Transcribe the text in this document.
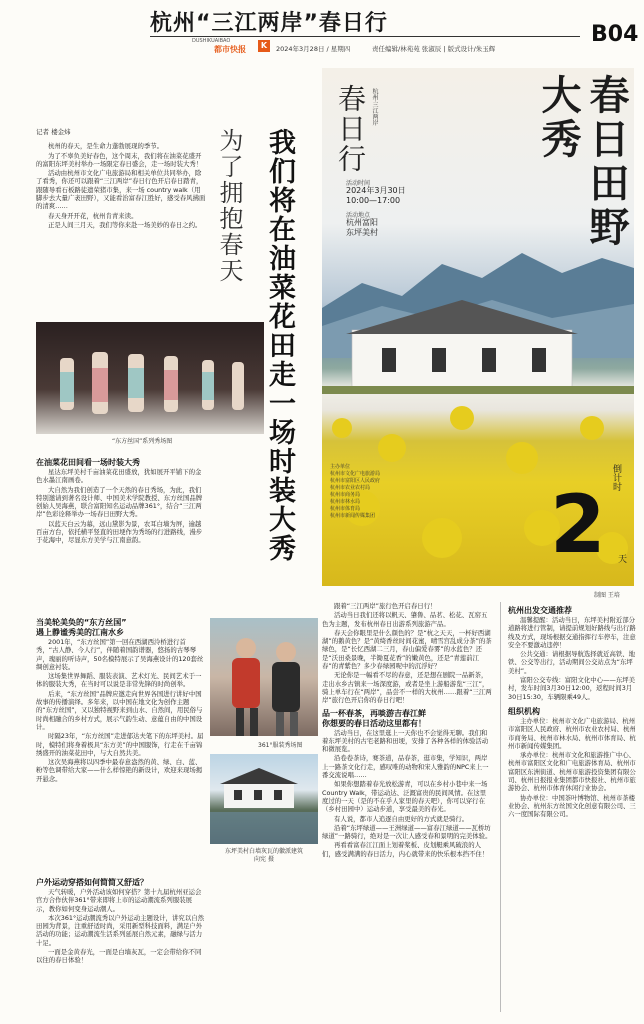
杭州“三江两岸”春日行
DUSHIKUAIBAO
都市快报	K	2024年3月28日 / 星期四	责任编辑/林苑苑 张淑辰 | 版式设计/朱玉辉
B04
春日行 杭州·三江两岸
活动时间
2024年3月30日
10:00—17:00
活动地点
杭州富阳
东坪美村	春日田野大秀
主办单位
杭州市文化广电旅游局
杭州市富阳区人民政府
杭州市农业农村局
杭州市商务局
杭州市林水局
杭州市体育局
杭州市新闻传媒集团
倒计时
2 天
制图 王培
我们将在油菜花田走一场时装大秀
为了拥抱春天
记者 楼金炜

杭州的春天，是生命力蓬勃展现的季节。

为了不辜负美好春色，这个周末，我们将在油菜花盛开的富阳东坪美村举办一场限定春日盛会，走一场时装大秀！

活动由杭州市文化广电旅游局和相关单位共同举办，除了看秀，你还可以跟着“三江两岸”春日行色开启春日踏青，跟随导看石板路徒遗荣猪市集，来一场 country walk（用脚步去大量广袤田野），又能看治富春江胜好，感受春风拂面的清爽……

春天身开开花，杭州肯青来读。

正是人间三月天，我们等你来赴一场美妙的春日之约。

“东方丝国”系列秀场图
在油菜花田间看一场时装大秀

星达东坪美村千亩油菜花田盛放，犹如展开平铺下的金色水墨江南画卷。

大自然为我们创造了一个天然的春日秀场，为此，我们特别邀请到著名设计师、中国美术学院教授、东方丝国品牌创始人吴海燕，联合富阳知名运动品牌361°，结合“三江两岸”色彩诠释举办一场春日田野大秀。

以蓝天白云为幕，远山黛影为景，农耳白墙为屏，逾越百亩方台，依托横平竖直的田埂作为秀场的行进路线，漫步于花海中，尽显东方美学与江南意韵。

当美轮美奂的“东方丝国”
遇上静谧秀美的江南水乡

2001年，“东方丝国”第一回在西湖西泠桥进行首秀，“古人静、今人行”，伴随着国韵谱器，悠扬的古琴琴声，瑰丽的听诗声，50名模特展示了吴海燕设计的120套丝绸创意衬装。

这场集世界舞蹈、服装表演、艺术灯光、民间艺术于一体的服装大秀，在当时可以说是非常先锋的时尚创举。

后来，“东方丝国”品牌应邀走向世界各国进行讲好中国故事的传播演绎。多年来，以中国在地文化为创作主题的“东方丝国”，又以独特视野来到山水、自然间，用民俗与时尚相融合的乡村方式，展示气韵生动、意蕴自由的中国设计。

时隔23年，“东方丝国”走进郁达夫笔下的东坪美村。届时，模特们将身着极具“东方美”的中国服饰，行走在千亩锦绣盛开的油菜花田中，与大自然共美。

这次吴海燕将以四季中最春意盎然的黄、绿、白、蓝、粉等色调带给大家——什么样惊艳的新设计，欢迎来现场揭开悬念。

户外运动穿搭如何简简又舒适？

天气转暖，户外活动该如何穿搭？第十九届杭州亚运会官方合作伙伴361°带来即将上市的运动潮流系列服装展示，教你如何变身运动潮人。

本次361°运动潮流秀以户外运动主题设计，讲究以自然田园为背景，注重舒适时尚，采用新型科技面料，满足户外活动的功能；运动潮流生活系列延展自然元素，融绿与活力十足。

一面是金黄春光，一面是白墙灰瓦，一定会带给你不同以往的春日体验！

361°服装秀场图
东坪美村白墙灰瓦的徽派建筑
向宪 摄

跟着“三江两岸”旅行色开启春日行！

活动当日我们还将以帆天、肇鲁、品茗、松花、瓦窑五色为主题，发布杭州春日出游系列旅游产品。

春天会你眼里是什么颜色的？是“杭之天天，一杯好西湖湖”的鹅黄色？是“黄绮香丝时间花蜜，晴雪宫乱成分茶”的茶绿色，是“长忆西湖二三月，春山偏爱春雾”的水蓝色？还是“沃田桑景晚，半锄夏花香”的嫩黄色，还是“青莲前江春”的青紫色？多少春绿园呢中的沉浮好？

无论你是一幅看不尽的春意，还是想在剧院一品新茶，走出水乡古镇来一场深度游，或者是坐上游船游览“三江”，骑上单车行在“两岸”，品尝不一样的大杭州……跟着“三江两岸”旅行色开启你的春日行吧！

品一杯春茶，再啖游吉春江鲜
你想要的春日活动这里都有！

活动当日，在这里逛上一天你也不会觉得无聊。我们和着东坪美村的古宅老路和田埂，安排了各种各样的体验活动和微展览。

沿卷卷茶诗，赛茶道，品春茶，逛市集，学知识，两岸上一路茶文化行走，感叹唯的动物和宋人雅韵的NPC来上一番交流说唱……

如果你想踏着春光放松游青，可以在乡村小巷中来一场Country Walk，带运动达、泛溉富贵的民间风情。在这里度过的一天（是的不在乎人家里的春天吧），你可以穿行在（乡村田园中）运动步道，享受最美的春光。

有人说，都市人追逐自由更好的方式就是骑行。

沿着“东坪绿道——王洲绿道——富春江绿道——瓦桥坊绿道”一路骑行，绝对是一次让人感受春和景明的完美体验。

再看看富春江江面上划着桨板、皮划艇乘风破浪的人们，感受满满的春日活力，内心就带来的快乐根本挡不住！

杭州出发交通推荐

温馨提醒：活动当日，东坪美村附近部分道路将进行管制，请提前规划好路线与出行路线及方式，现场根据交通指挥行车停车，注意安全不要激动违停！

公共交通：请根据导航选择就近高铁、地铁、公交等出行，活动期间公交站点为“东坪美村”。

富阳公交专线：富阳文化中心——东坪美村，发车时间3月30日12:00，返程时间3月30日15:30，车辆限乘49人。

组织机构

主办单位：杭州市文化广电旅游局、杭州市富阳区人民政府、杭州市农业农村局、杭州市商务局、杭州市林水局、杭州市体育局、杭州市新闻传媒集团。

承办单位：杭州市文化和旅游推广中心、杭州市富阳区文化和广电旅游体育局、杭州市富阳区东洲街道、杭州市旅游投资集团有限公司、杭州日报报业集团都市快报社、杭州市旅游协会、杭州市体育休闲行业协会。

协办单位：中国茶叶博物馆、杭州市茶楼业协会、杭州东方丝国文化创意有限公司、三六一度国际有限公司。
